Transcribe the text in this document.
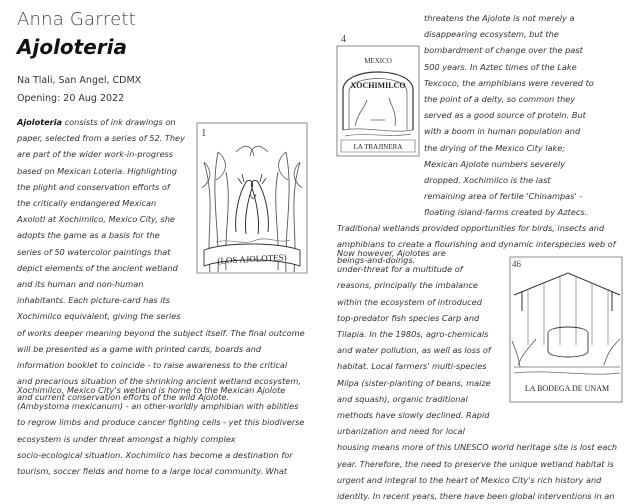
Anna Garrett
Ajoloteria
Na Tlali, San Angel, CDMX
Opening: 20 Aug 2022
Ajoloteria consists of ink drawings on
paper, selected from a series of 52. They
are part of the wider work-in-progress
based on Mexican Loteria. Highlighting
the plight and conservation efforts of
the critically endangered Mexican
Axolotl at Xochimilco, Mexico City, she
adopts the game as a basis for the
series of 50 watercolor paintings that
depict elements of the ancient wetland
and its human and non-human
inhabitants. Each picture-card has its
Xochimilco equivalent, giving the series
of works deeper meaning beyond the subject itself. The final outcome
will be presented as a game with printed cards, boards and
information booklet to coincide - to raise awareness to the critical
and precarious situation of the shrinking ancient wetland ecosystem,
and current conservation efforts of the wild Ajolote.
Xochimilco, Mexico City's wetland is home to the Mexican Ajolote
(Ambystoma mexicanum) - an other-worldly amphibian with abilities
to regrow limbs and produce cancer fighting cells - yet this biodiverse
ecosystem is under threat amongst a highly complex
socio-ecological situation. Xochimilco has become a destination for
tourism, soccer fields and home to a large local community. What
1
(LOS AJOLOTES)
threatens the Ajolote is not merely a
disappearing ecosystem, but the
bombardment of change over the past
500 years. In Aztec times of the Lake
Texcoco, the amphibians were revered to
the point of a deity, so common they
served as a good source of protein. But
with a boom in human population and
the drying of the Mexico City lake;
Mexican Ajolote numbers severely
dropped. Xochimilco is the last
remaining area of fertile 'Chinampas' -
floating island-farms created by Aztecs.
Traditional wetlands provided opportunities for birds, insects and
amphibians to create a flourishing and dynamic interspecies web of
beings-and-doings.
4
MEXICO
XOCHIMILCO
LA TRAJINERA
Now however, Ajolotes are
under-threat for a multitude of
reasons, principally the imbalance
within the ecosystem of introduced
top-predator fish species Carp and
Tilapia. In the 1980s, agro-chemicals
and water pollution, as well as loss of
habitat. Local farmers' multi-species
Milpa (sister-planting of beans, maize
and squash), organic traditional
methods have slowly declined. Rapid
urbanization and need for local
housing means more of this UNESCO world heritage site is lost each
year. Therefore, the need to preserve the unique wetland habitat is
urgent and integral to the heart of Mexico City's rich history and
identity. In recent years, there have been global interventions in an
46
LA BODEGA DE UNAM
